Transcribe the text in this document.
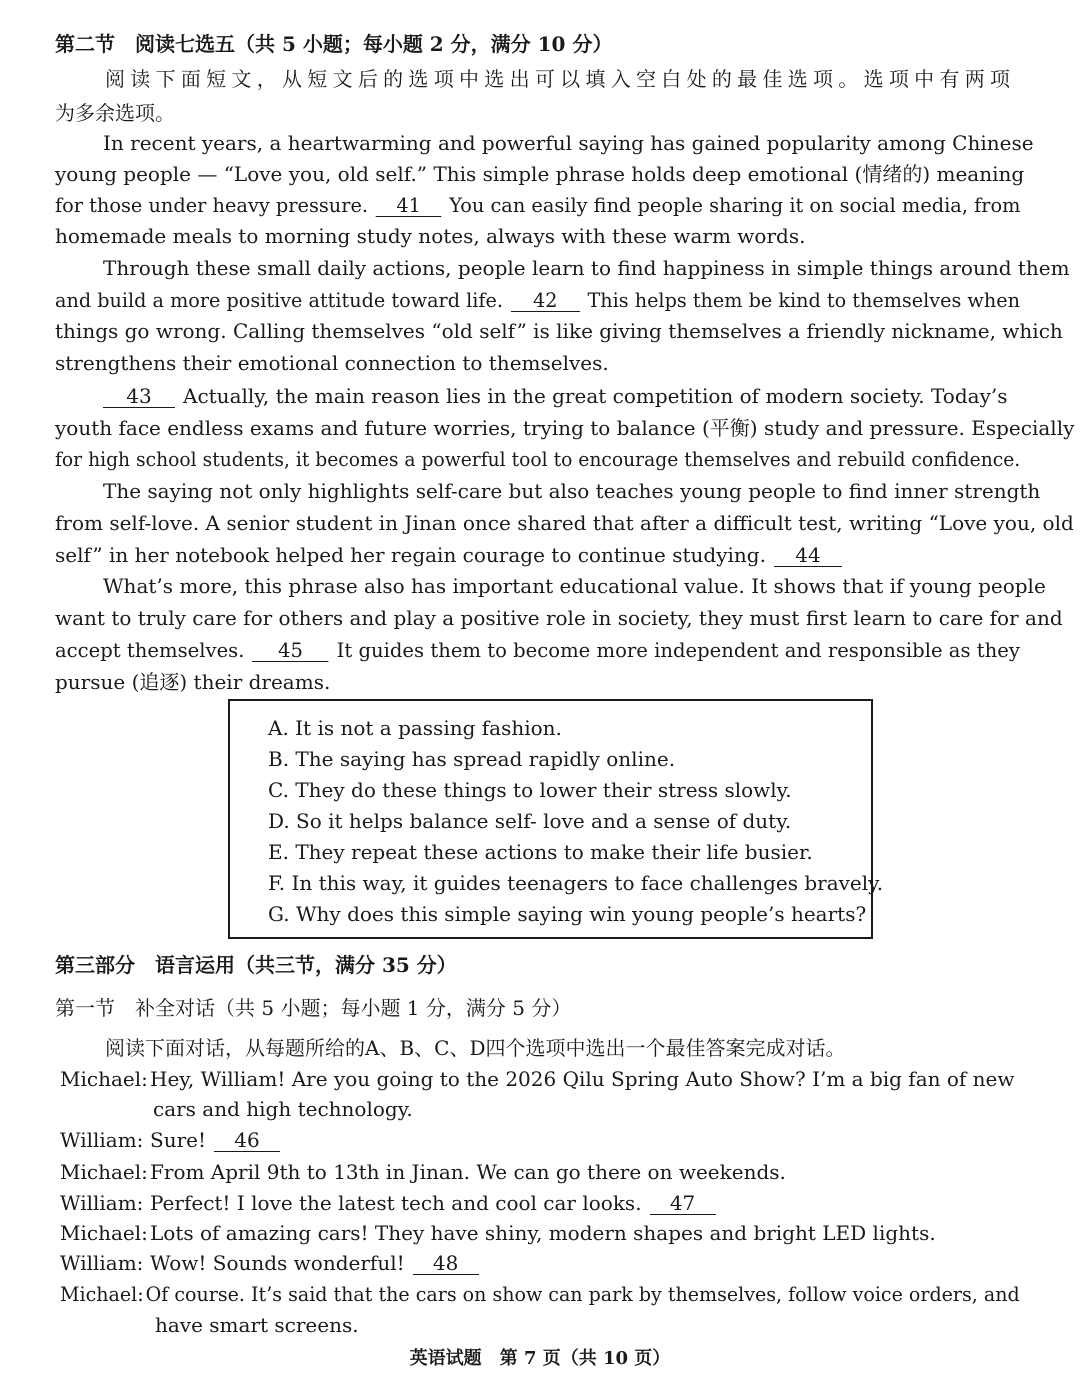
第二节　阅读七选五（共 5 小题；每小题 2 分，满分 10 分）
阅读下面短文，从短文后的选项中选出可以填入空白处的最佳选项。选项中有两项
为多余选项。
In recent years, a heartwarming and powerful saying has gained popularity among Chinese
young people — “Love you, old self.” This simple phrase holds deep emotional (情绪的) meaning
for those under heavy pressure. 41 You can easily find people sharing it on social media, from
homemade meals to morning study notes, always with these warm words.
Through these small daily actions, people learn to find happiness in simple things around them
and build a more positive attitude toward life. 42 This helps them be kind to themselves when
things go wrong. Calling themselves “old self” is like giving themselves a friendly nickname, which
strengthens their emotional connection to themselves.
43 Actually, the main reason lies in the great competition of modern society. Today’s
youth face endless exams and future worries, trying to balance (平衡) study and pressure. Especially
for high school students, it becomes a powerful tool to encourage themselves and rebuild confidence.
The saying not only highlights self-care but also teaches young people to find inner strength
from self-love. A senior student in Jinan once shared that after a difficult test, writing “Love you, old
self” in her notebook helped her regain courage to continue studying. 44
What’s more, this phrase also has important educational value. It shows that if young people
want to truly care for others and play a positive role in society, they must first learn to care for and
accept themselves. 45 It guides them to become more independent and responsible as they
pursue (追逐) their dreams.
A. It is not a passing fashion.
B. The saying has spread rapidly online.
C. They do these things to lower their stress slowly.
D. So it helps balance self- love and a sense of duty.
E. They repeat these actions to make their life busier.
F. In this way, it guides teenagers to face challenges bravely.
G. Why does this simple saying win young people’s hearts?
第三部分　语言运用（共三节，满分 35 分）
第一节　补全对话（共 5 小题；每小题 1 分，满分 5 分）
阅读下面对话，从每题所给的A、B、C、D四个选项中选出一个最佳答案完成对话。
Michael: Hey, William! Are you going to the 2026 Qilu Spring Auto Show? I’m a big fan of new
cars and high technology.
William: Sure! 46
Michael: From April 9th to 13th in Jinan. We can go there on weekends.
William: Perfect! I love the latest tech and cool car looks. 47
Michael: Lots of amazing cars! They have shiny, modern shapes and bright LED lights.
William: Wow! Sounds wonderful! 48
Michael: Of course. It’s said that the cars on show can park by themselves, follow voice orders, and
have smart screens.
英语试题　第 7 页（共 10 页）
